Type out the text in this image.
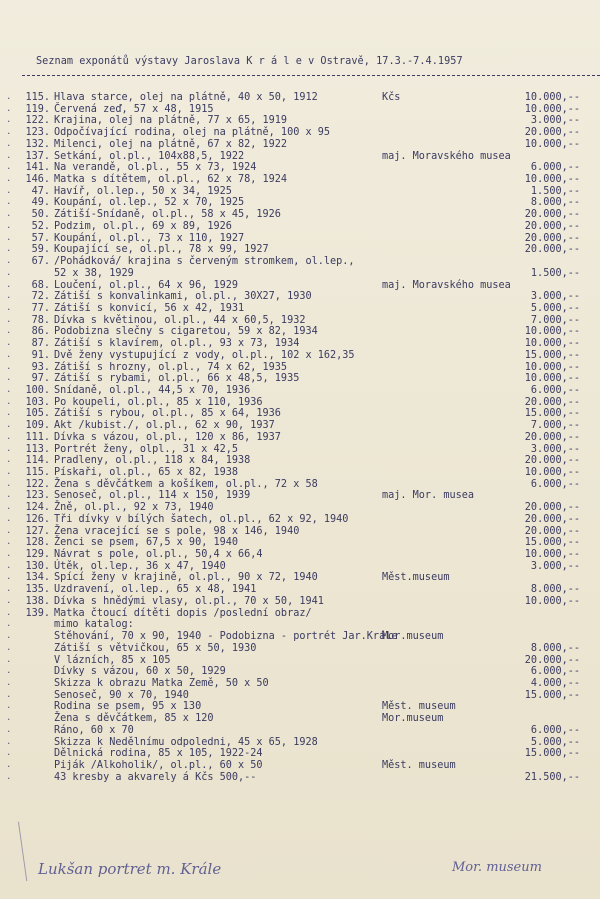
Seznam exponátů výstavy Jaroslava K r á l e v Ostravě, 17.3.-7.4.1957
.	115. Hlava starce, olej na plátně, 40 x 50, 1912	Kčs	10.000,--
.	119. Červená zeď, 57 x 48, 1915	10.000,--
.	122. Krajina, olej na plátně, 77 x 65, 1919	3.000,--
.	123. Odpočívající rodina, olej na plátně, 100 x 95	20.000,--
.	132. Milenci, olej na plátně, 67 x 82, 1922	10.000,--
.	137. Setkání, ol.pl., 104x88,5, 1922	maj. Moravského musea
.	141. Na verandě, ol.pl., 55 x 73, 1924	6.000,--
.	146. Matka s dítětem, ol.pl., 62 x 78, 1924	10.000,--
.	47. Havíř, ol.lep., 50 x 34, 1925	1.500,--
.	49. Koupání, ol.lep., 52 x 70, 1925	8.000,--
.	50. Zátiší-Snídaně, ol.pl., 58 x 45, 1926	20.000,--
.	52. Podzim, ol.pl., 69 x 89, 1926	20.000,--
.	57. Koupání, ol.pl., 73 x 110, 1927	20.000,--
.	59. Koupající se, ol.pl., 78 x 99, 1927	20.000,--
.	67. /Pohádková/ krajina s červeným stromkem, ol.lep.,
.	52 x 38, 1929	1.500,--
.	68. Loučení, ol.pl., 64 x 96, 1929	maj. Moravského musea
.	72. Zátiší s konvalinkami, ol.pl., 30X27, 1930	3.000,--
.	77. Zátiší s konvicí, 56 x 42, 1931	5.000,--
.	78. Dívka s květinou, ol.pl., 44 x 60,5, 1932	7.000,--
.	86. Podobizna slečny s cigaretou, 59 x 82, 1934	10.000,--
.	87. Zátiší s klavírem, ol.pl., 93 x 73, 1934	10.000,--
.	91. Dvě ženy vystupující z vody, ol.pl., 102 x 162,35	15.000,--
.	93. Zátiší s hrozny, ol.pl., 74 x 62, 1935	10.000,--
.	97. Zátiší s rybami, ol.pl., 66 x 48,5, 1935	10.000,--
.	100. Snídaně, ol.pl., 44,5 x 70, 1936	6.000,--
.	103. Po koupeli, ol.pl., 85 x 110, 1936	20.000,--
.	105. Zátiší s rybou, ol.pl., 85 x 64, 1936	15.000,--
.	109. Akt /kubist./, ol.pl., 62 x 90, 1937	7.000,--
.	111. Dívka s vázou, ol.pl., 120 x 86, 1937	20.000,--
.	113. Portrét ženy, olpl., 31 x 42,5	3.000,--
.	114. Pradleny, ol.pl., 118 x 84, 1938	20.000,--
.	115. Pískaři, ol.pl., 65 x 82, 1938	10.000,--
.	122. Žena s děvčátkem a košíkem, ol.pl., 72 x 58	6.000,--
.	123. Senoseč, ol.pl., 114 x 150, 1939	maj. Mor. musea
.	124. Žně, ol.pl., 92 x 73, 1940	20.000,--
.	126. Tři dívky v bílých šatech, ol.pl., 62 x 92, 1940	20.000,--
.	127. Žena vracející se s pole, 98 x 146, 1940	20.000,--
.	128. Ženci se psem, 67,5 x 90, 1940	15.000,--
.	129. Návrat s pole, ol.pl., 50,4 x 66,4	10.000,--
.	130. Útěk, ol.lep., 36 x 47, 1940	3.000,--
.	134. Spící ženy v krajině, ol.pl., 90 x 72, 1940	Měst.museum
.	135. Uzdravení, ol.lep., 65 x 48, 1941	8.000,--
.	138. Dívka s hnědými vlasy, ol.pl., 70 x 50, 1941	10.000,--
.	139. Matka čtoucí dítěti dopis /poslední obraz/
.	mimo katalog:
.	Stěhování, 70 x 90, 1940 - Podobizna - portrét Jar.Krále
Mor.museum
.	Zátiší s větvičkou, 65 x 50, 1930	8.000,--
.	V lázních, 85 x 105	20.000,--
.	Dívky s vázou, 60 x 50, 1929	6.000,--
.	Skizza k obrazu Matka Země, 50 x 50	4.000,--
.	Senoseč, 90 x 70, 1940	15.000,--
.	Rodina se psem, 95 x 130	Měst. museum
.	Žena s děvčátkem, 85 x 120	Mor.museum
.	Ráno, 60 x 70	6.000,--
.	Skizza k Nedělnímu odpoledni, 45 x 65, 1928	5.000,--
.	Dělnická rodina, 85 x 105, 1922-24	15.000,--
.	Piják /Alkoholik/, ol.pl., 60 x 50	Měst. museum
.	43 kresby a akvarely á Kčs 500,--	21.500,--
Lukšan portret m. Krále	Mor. museum
